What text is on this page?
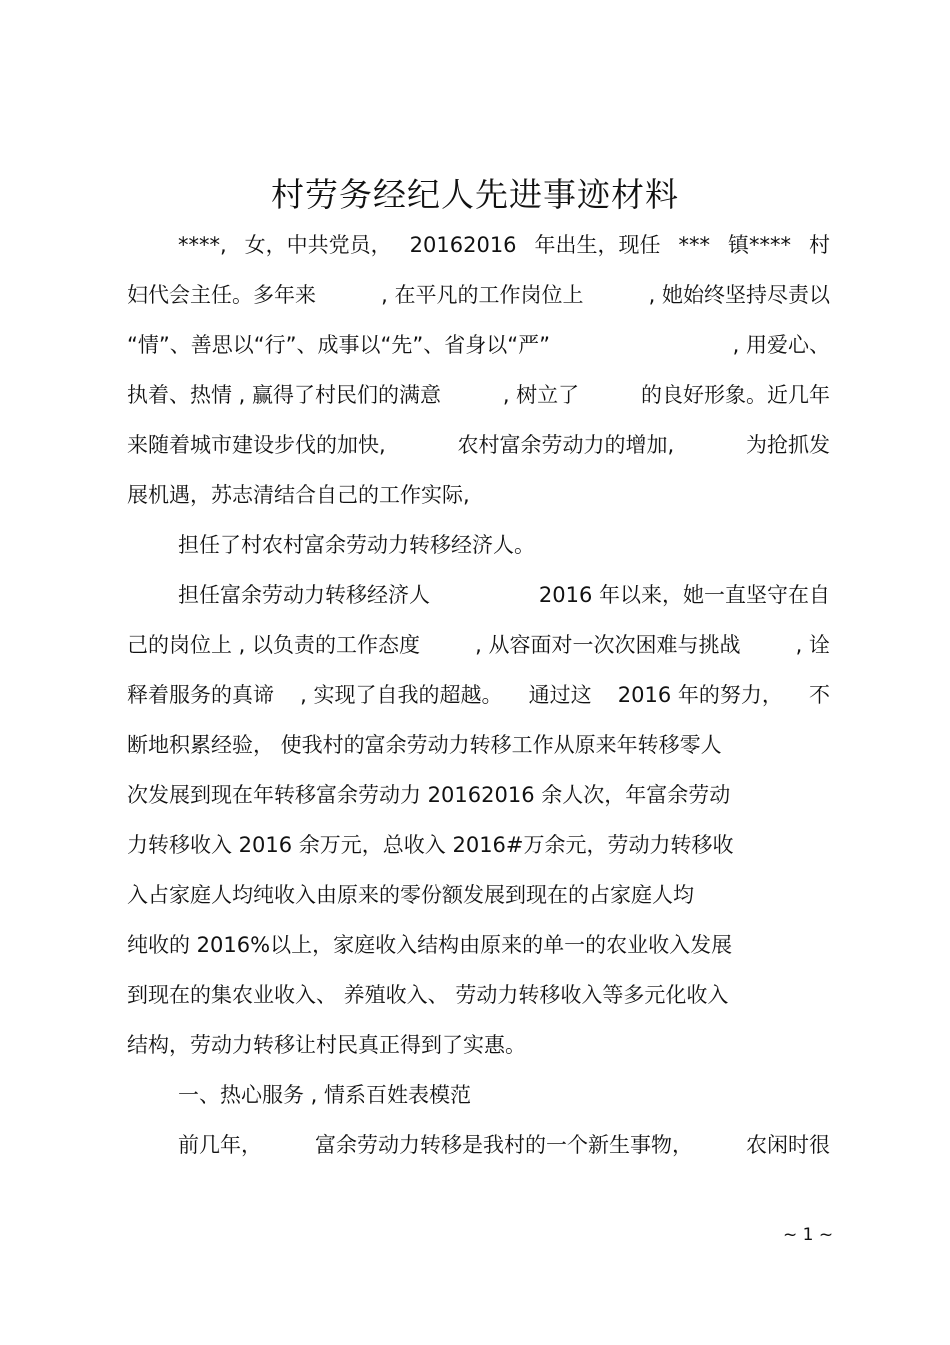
村劳务经纪人先进事迹材料
****, 女，中共党员， 20162016 年出生，现任 *** 镇**** 村
妇代会主任。多年来	, 在平凡的工作岗位上	, 她始终坚持尽责以
“情”、善思以“行”、成事以“先”、省身以“严”	, 用爱心、
执着、热情 , 赢得了村民们的满意	, 树立了	的良好形象。近几年
来随着城市建设步伐的加快,	农村富余劳动力的增加,	为抢抓发
展机遇，苏志清结合自己的工作实际,
担任了村农村富余劳动力转移经济人。
担任富余劳动力转移经济人	2016 年以来，她一直坚守在自
己的岗位上 , 以负责的工作态度	, 从容面对一次次困难与挑战	, 诠
释着服务的真谛 , 实现了自我的超越。 通过这 2016 年的努力， 不
断地积累经验， 使我村的富余劳动力转移工作从原来年转移零人
次发展到现在年转移富余劳动力 20162016 余人次，年富余劳动
力转移收入 2016 余万元，总收入 2016#万余元，劳动力转移收
入占家庭人均纯收入由原来的零份额发展到现在的占家庭人均
纯收的 2016%以上，家庭收入结构由原来的单一的农业收入发展
到现在的集农业收入、 养殖收入、 劳动力转移收入等多元化收入
结构，劳动力转移让村民真正得到了实惠。
一、热心服务 , 情系百姓表模范
前几年，	富余劳动力转移是我村的一个新生事物，	农闲时很
~ 1 ~
